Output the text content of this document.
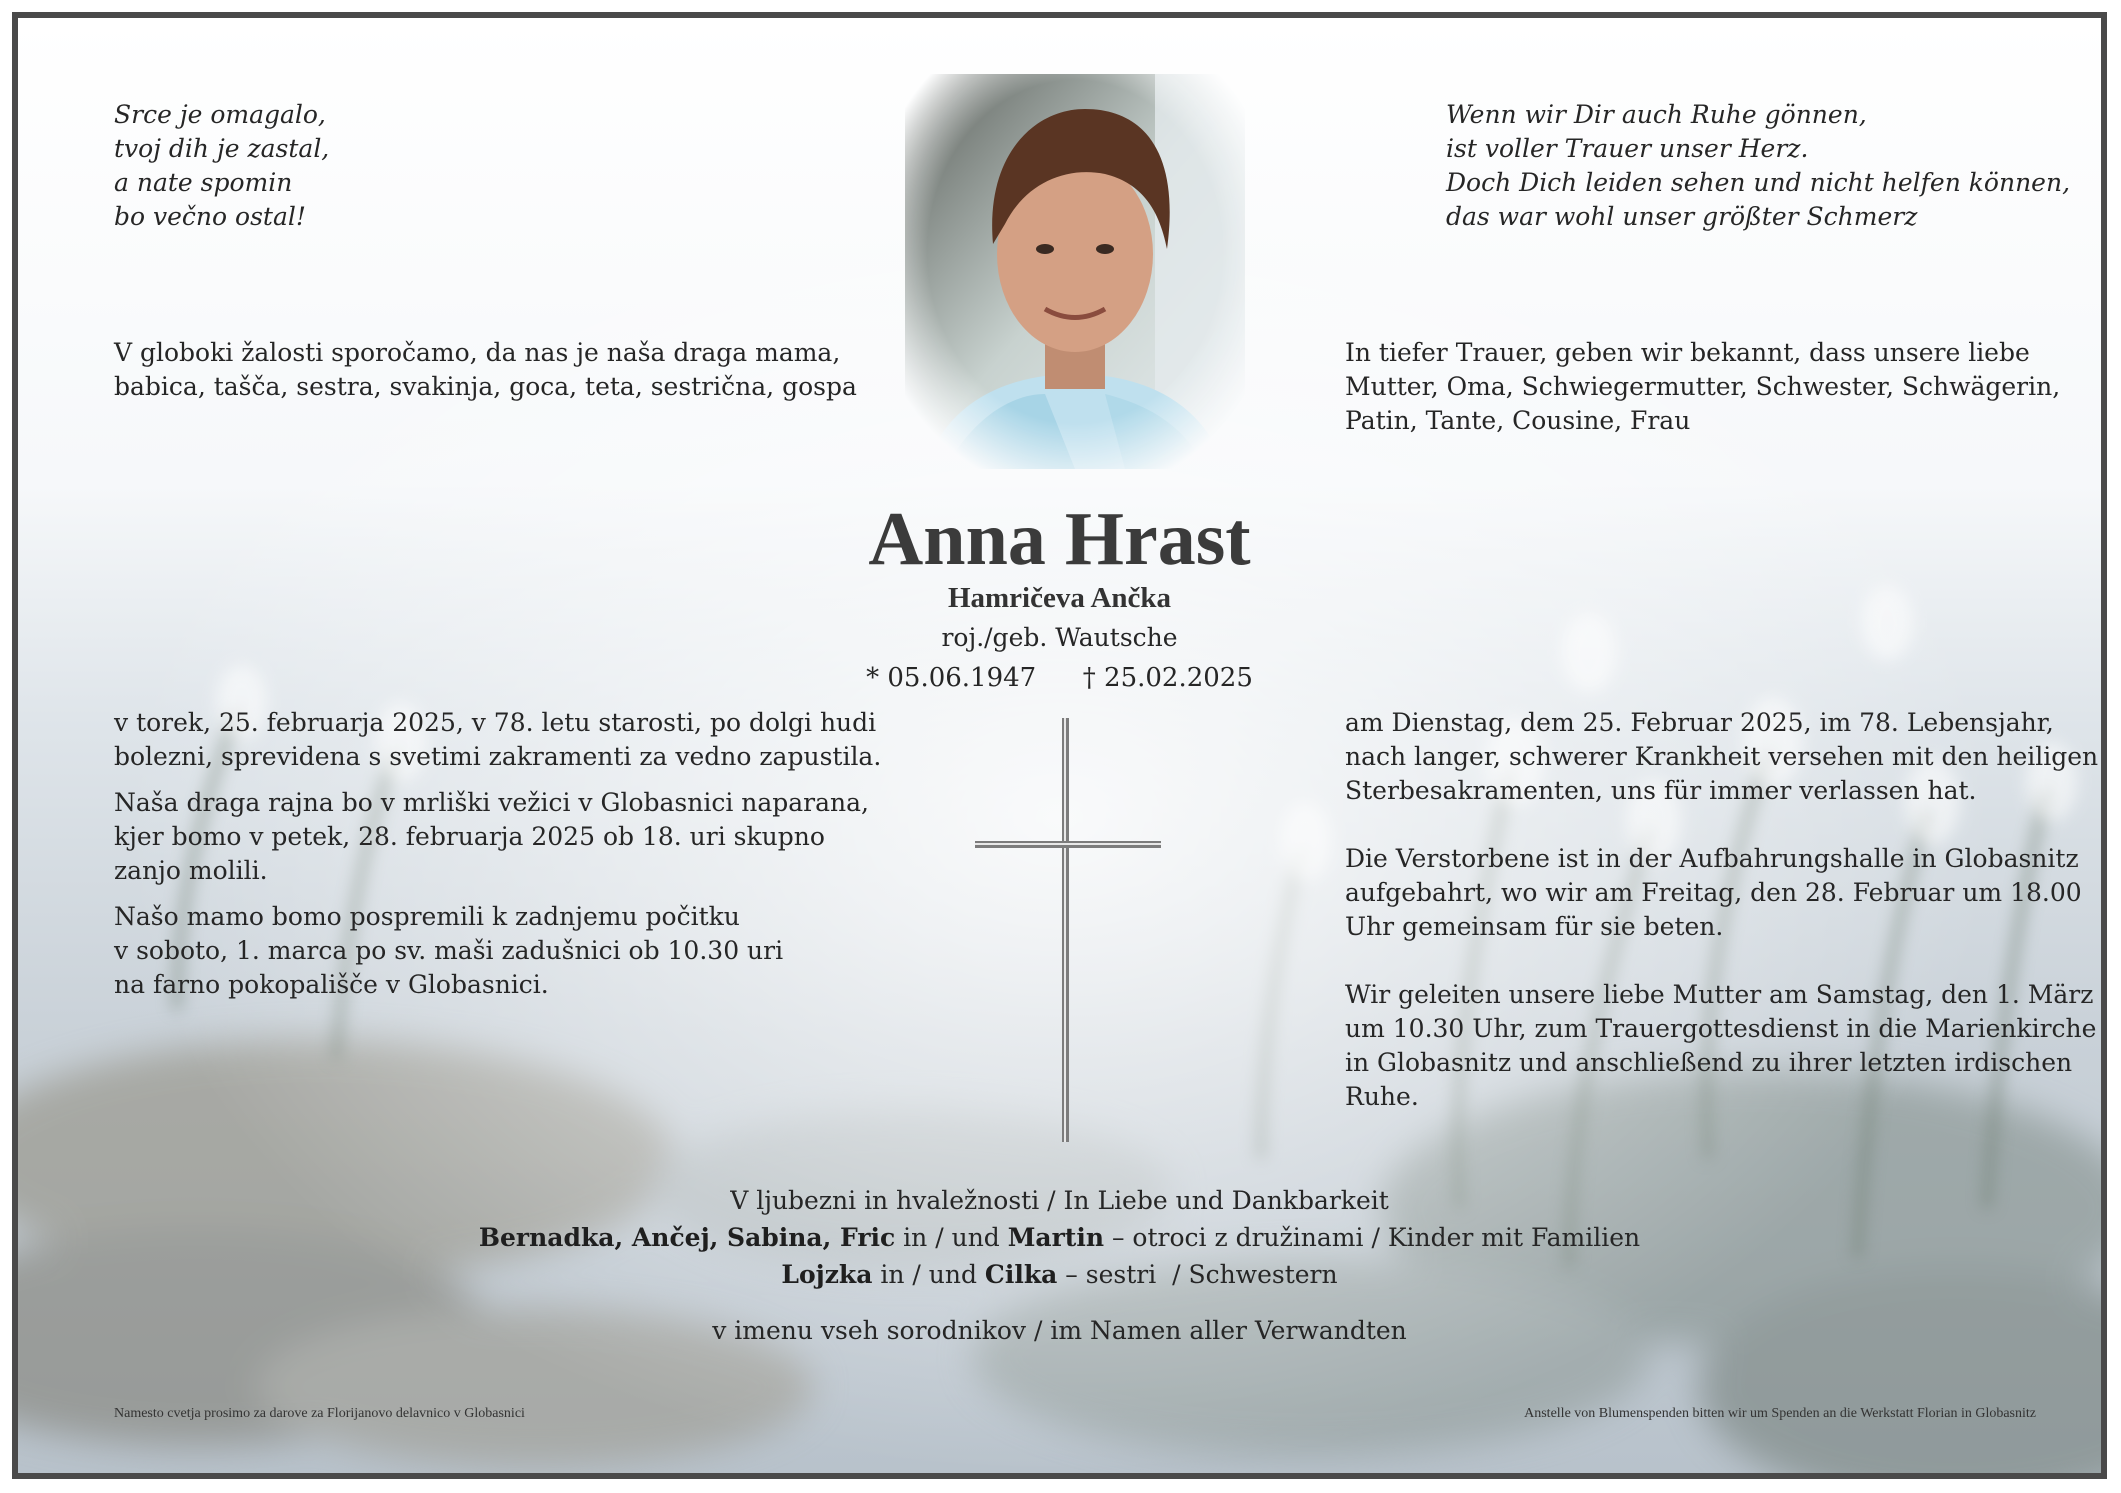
Srce je omagalo,
tvoj dih je zastal,
a nate spomin
bo večno ostal!
Wenn wir Dir auch Ruhe gönnen,
ist voller Trauer unser Herz.
Doch Dich leiden sehen und nicht helfen können,
das war wohl unser größter Schmerz
V globoki žalosti sporočamo, da nas je naša draga mama,
babica, tašča, sestra, svakinja, goca, teta, sestrična, gospa
In tiefer Trauer, geben wir bekannt, dass unsere liebe
Mutter, Oma, Schwiegermutter, Schwester, Schwägerin,
Patin, Tante, Cousine, Frau
Anna Hrast
Hamričeva Ančka
roj./geb. Wautsche
* 05.06.1947 † 25.02.2025
v torek, 25. februarja 2025, v 78. letu starosti, po dolgi hudi
bolezni, sprevidena s svetimi zakramenti za vedno zapustila.
Naša draga rajna bo v mrliški vežici v Globasnici naparana,
kjer bomo v petek, 28. februarja 2025 ob 18. uri skupno
zanjo molili.
Našo mamo bomo pospremili k zadnjemu počitku
v soboto, 1. marca po sv. maši zadušnici ob 10.30 uri
na farno pokopališče v Globasnici.
am Dienstag, dem 25. Februar 2025, im 78. Lebensjahr,
nach langer, schwerer Krankheit versehen mit den heiligen
Sterbesakramenten, uns für immer verlassen hat.
Die Verstorbene ist in der Aufbahrungshalle in Globasnitz
aufgebahrt, wo wir am Freitag, den 28. Februar um 18.00
Uhr gemeinsam für sie beten.
Wir geleiten unsere liebe Mutter am Samstag, den 1. März
um 10.30 Uhr, zum Trauergottesdienst in die Marienkirche
in Globasnitz und anschließend zu ihrer letzten irdischen
Ruhe.
V ljubezni in hvaležnosti / In Liebe und Dankbarkeit
Bernadka, Ančej, Sabina, Fric in / und Martin – otroci z družinami / Kinder mit Familien
Lojzka in / und Cilka – sestri  / Schwestern
v imenu vseh sorodnikov / im Namen aller Verwandten
Namesto cvetja prosimo za darove za Florijanovo delavnico v Globasnici	Anstelle von Blumenspenden bitten wir um Spenden an die Werkstatt Florian in Globasnitz
